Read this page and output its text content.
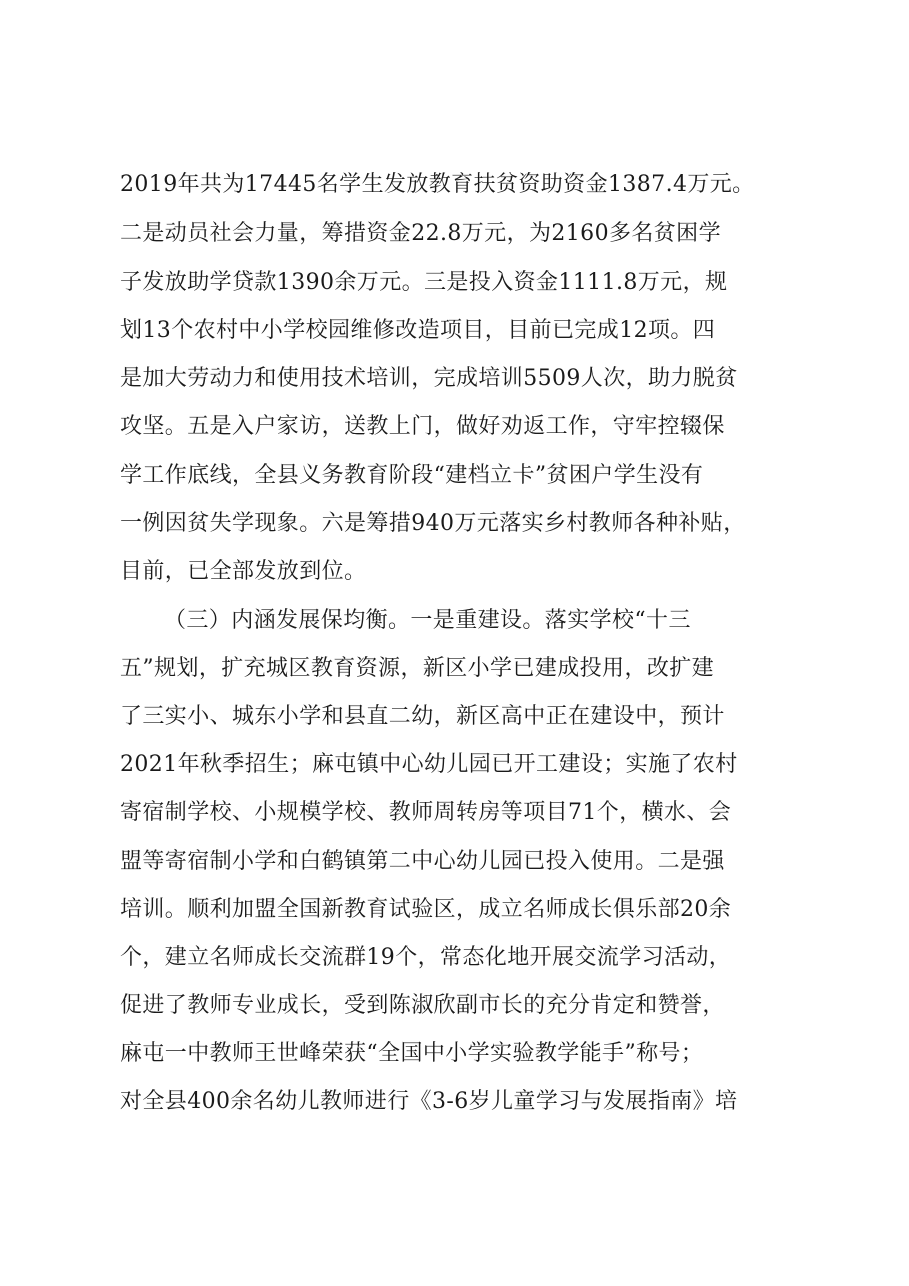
2019年共为17445名学生发放教育扶贫资助资金1387.4万元。
二是动员社会力量，筹措资金22.8万元，为2160多名贫困学
子发放助学贷款1390余万元。三是投入资金1111.8万元，规
划13个农村中小学校园维修改造项目，目前已完成12项。四
是加大劳动力和使用技术培训，完成培训5509人次，助力脱贫
攻坚。五是入户家访，送教上门，做好劝返工作，守牢控辍保
学工作底线，全县义务教育阶段“建档立卡”贫困户学生没有
一例因贫失学现象。六是筹措940万元落实乡村教师各种补贴，
目前，已全部发放到位。
（三）内涵发展保均衡。一是重建设。落实学校“十三
五”规划，扩充城区教育资源，新区小学已建成投用，改扩建
了三实小、城东小学和县直二幼，新区高中正在建设中，预计
2021年秋季招生；麻屯镇中心幼儿园已开工建设；实施了农村
寄宿制学校、小规模学校、教师周转房等项目71个，横水、会
盟等寄宿制小学和白鹤镇第二中心幼儿园已投入使用。二是强
培训。顺利加盟全国新教育试验区，成立名师成长俱乐部20余
个，建立名师成长交流群19个，常态化地开展交流学习活动，
促进了教师专业成长，受到陈淑欣副市长的充分肯定和赞誉，
麻屯一中教师王世峰荣获“全国中小学实验教学能手”称号；
对全县400余名幼儿教师进行《3-6岁儿童学习与发展指南》培
